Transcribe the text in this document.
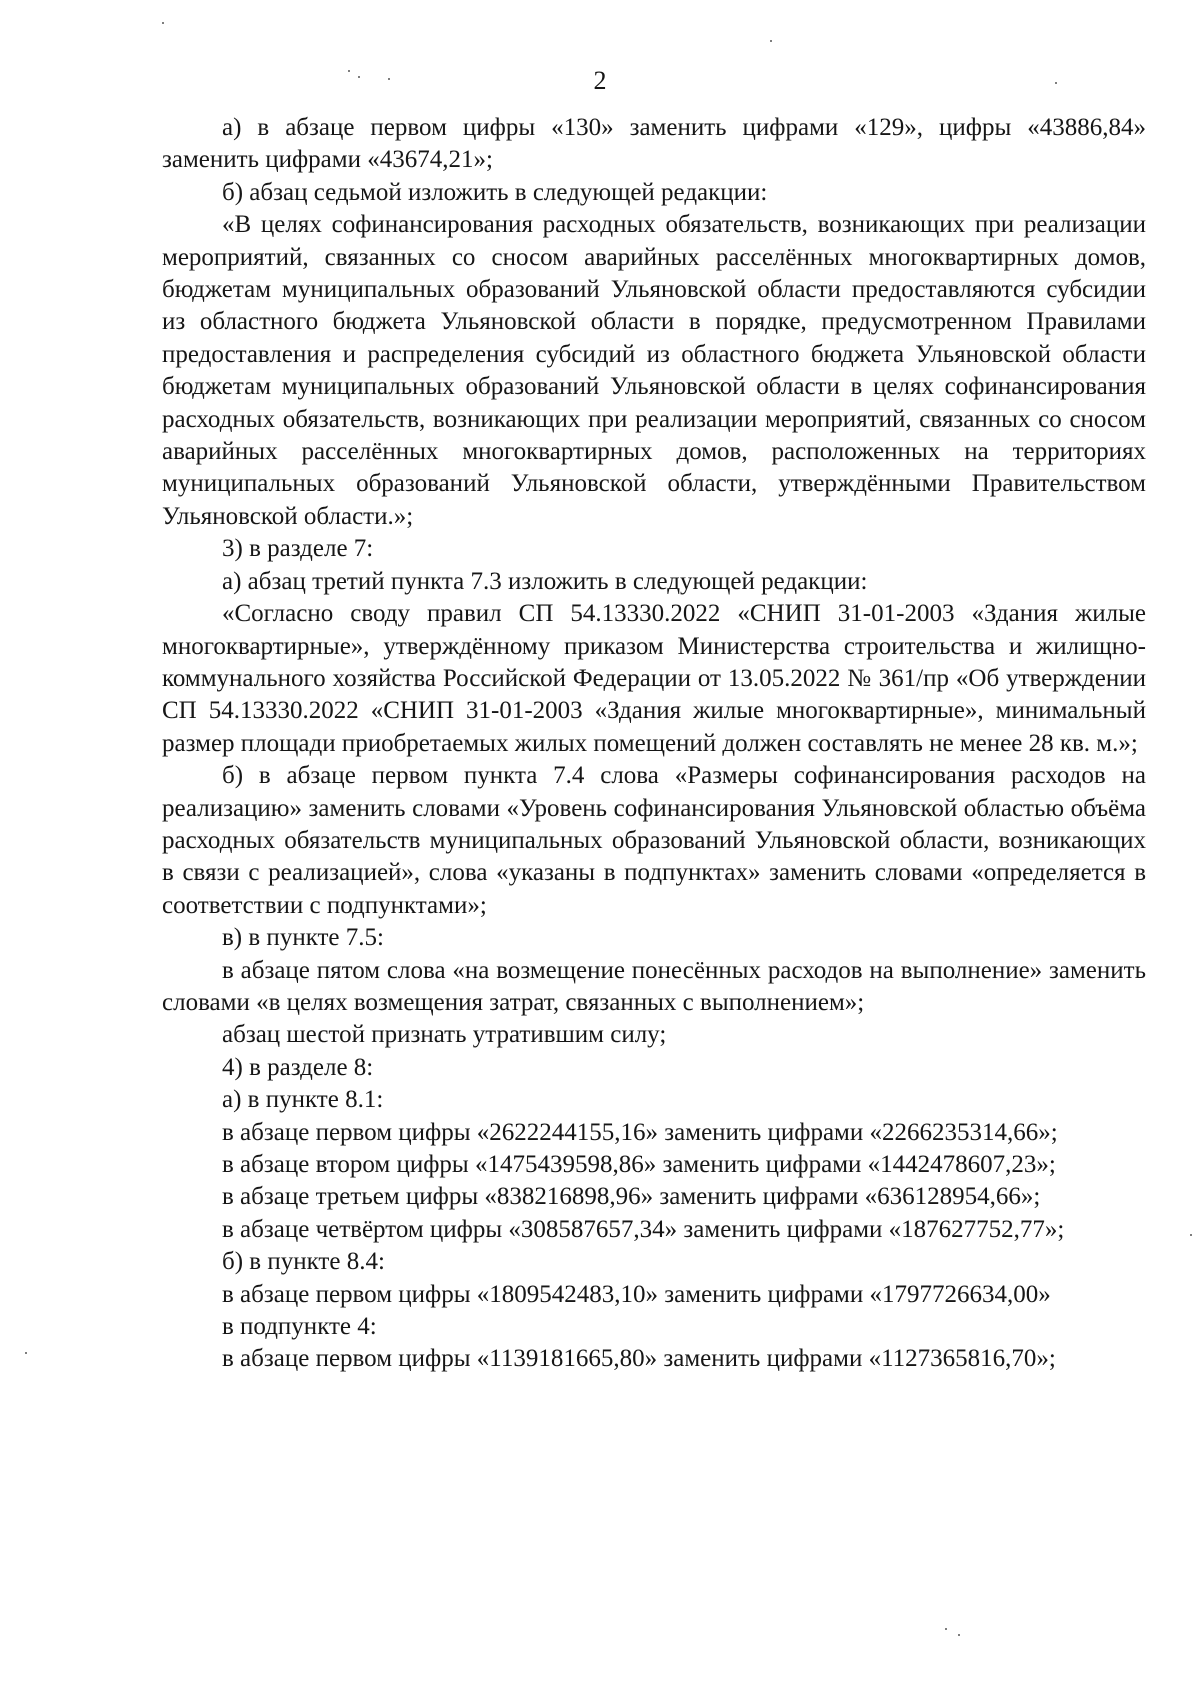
2

а) в абзаце первом цифры «130» заменить цифрами «129», цифры «43886,84» заменить цифрами «43674,21»;

б) абзац седьмой изложить в следующей редакции:

«В целях софинансирования расходных обязательств, возникающих при реализации мероприятий, связанных со сносом аварийных расселённых многоквартирных домов, бюджетам муниципальных образований Ульяновской области предоставляются субсидии из областного бюджета Ульяновской области в порядке, предусмотренном Правилами предоставления и распределения субсидий из областного бюджета Ульяновской области бюджетам муниципальных образований Ульяновской области в целях софинансирования расходных обязательств, возникающих при реализации мероприятий, связанных со сносом аварийных расселённых многоквартирных домов, расположенных на территориях муниципальных образований Ульяновской области, утверждёнными Правительством Ульяновской области.»;

3) в разделе 7:

а) абзац третий пункта 7.3 изложить в следующей редакции:

«Согласно своду правил СП 54.13330.2022 «СНИП 31-01-2003 «Здания жилые многоквартирные», утверждённому приказом Министерства строительства и жилищно-коммунального хозяйства Российской Федерации от 13.05.2022 № 361/пр «Об утверждении СП 54.13330.2022 «СНИП 31-01-2003 «Здания жилые многоквартирные», минимальный размер площади приобретаемых жилых помещений должен составлять не менее 28 кв. м.»;

б) в абзаце первом пункта 7.4 слова «Размеры софинансирования расходов на реализацию» заменить словами «Уровень софинансирования Ульяновской областью объёма расходных обязательств муниципальных образований Ульяновской области, возникающих в связи с реализацией», слова «указаны в подпунктах» заменить словами «определяется в соответствии с подпунктами»;

в) в пункте 7.5:

в абзаце пятом слова «на возмещение понесённых расходов на выполнение» заменить словами «в целях возмещения затрат, связанных с выполнением»;

абзац шестой признать утратившим силу;

4) в разделе 8:

а) в пункте 8.1:

в абзаце первом цифры «2622244155,16» заменить цифрами «2266235314,66»;

в абзаце втором цифры «1475439598,86» заменить цифрами «1442478607,23»;

в абзаце третьем цифры «838216898,96» заменить цифрами «636128954,66»;

в абзаце четвёртом цифры «308587657,34» заменить цифрами «187627752,77»;

б) в пункте 8.4:

в абзаце первом цифры «1809542483,10» заменить цифрами «1797726634,00»

в подпункте 4:

в абзаце первом цифры «1139181665,80» заменить цифрами «1127365816,70»;
